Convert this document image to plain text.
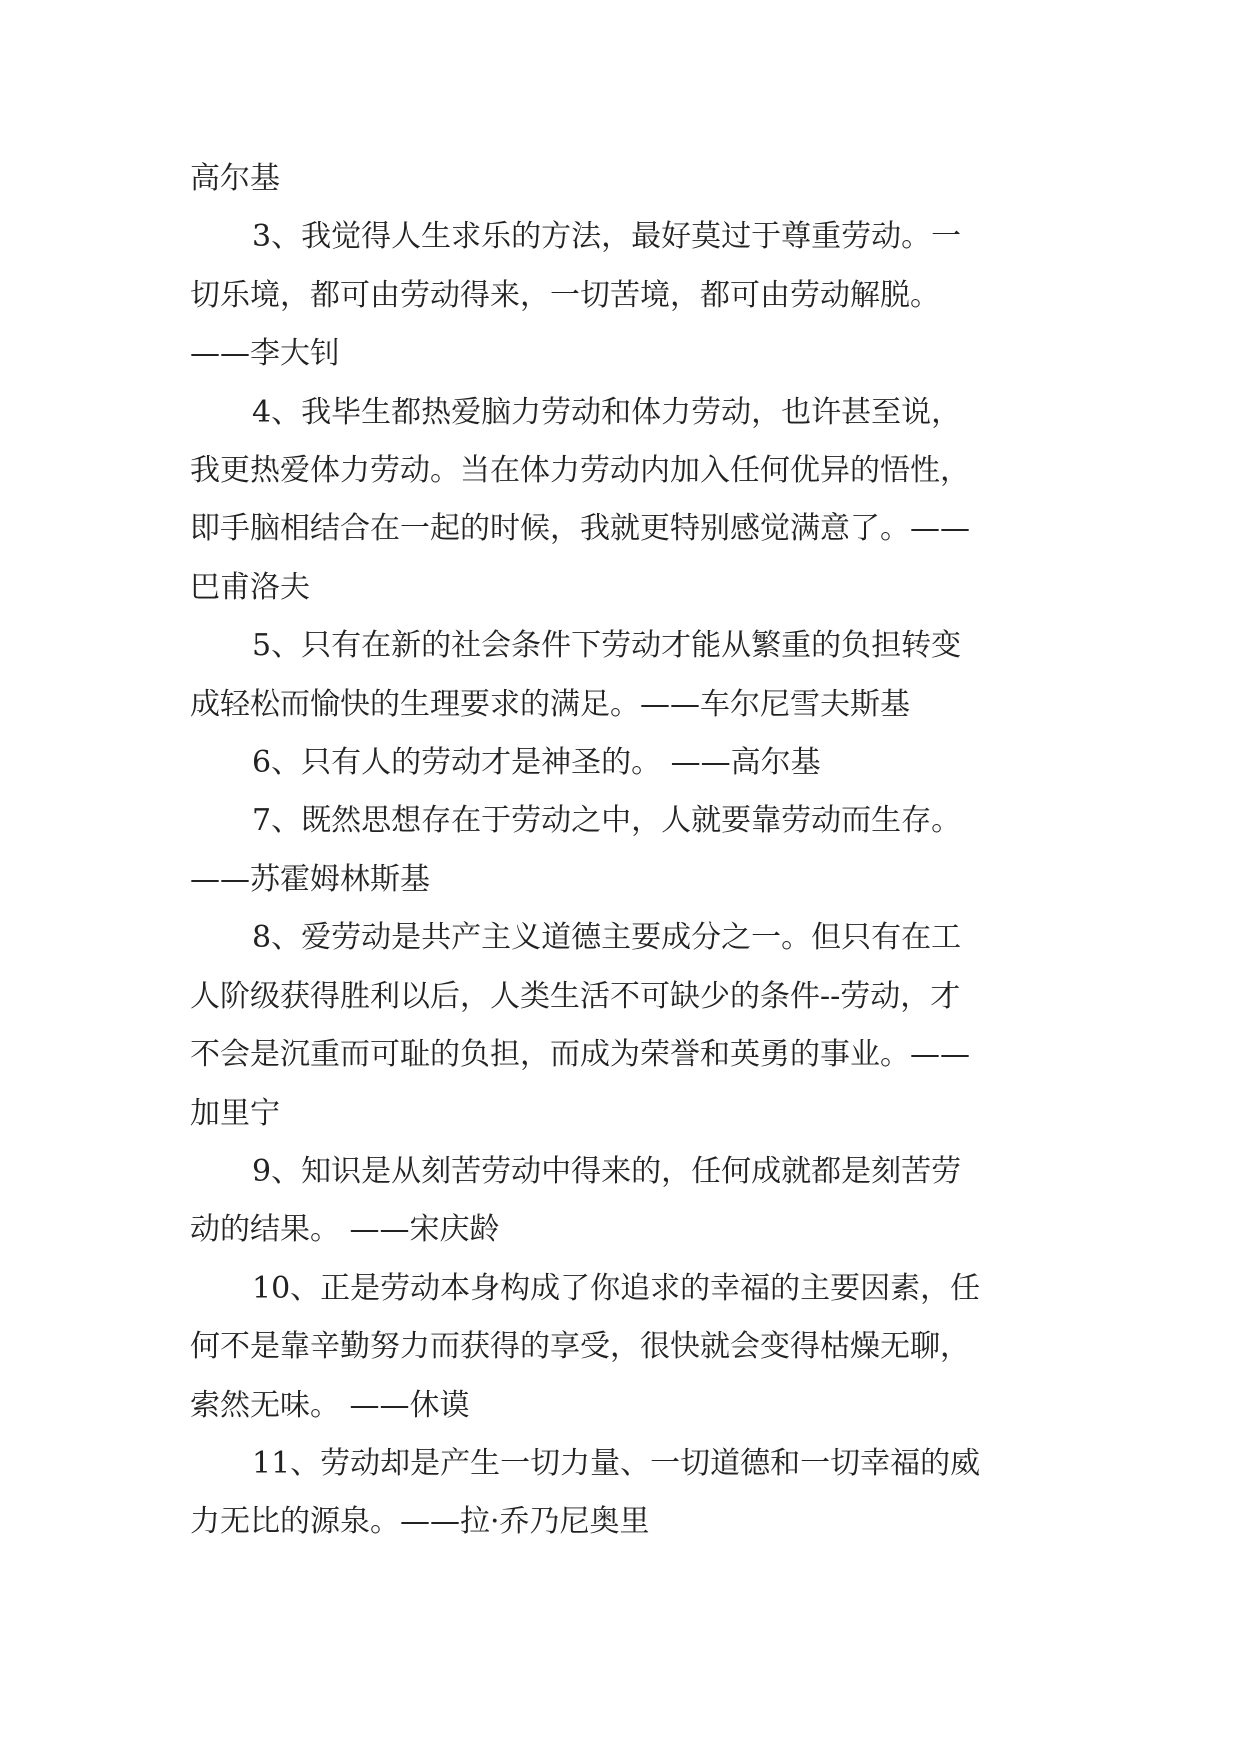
高尔基
3、我觉得人生求乐的方法，最好莫过于尊重劳动。一
切乐境，都可由劳动得来，一切苦境，都可由劳动解脱。
——李大钊
4、我毕生都热爱脑力劳动和体力劳动，也许甚至说，
我更热爱体力劳动。当在体力劳动内加入任何优异的悟性，
即手脑相结合在一起的时候，我就更特别感觉满意了。——
巴甫洛夫
5、只有在新的社会条件下劳动才能从繁重的负担转变
成轻松而愉快的生理要求的满足。——车尔尼雪夫斯基
6、只有人的劳动才是神圣的。 ——高尔基
7、既然思想存在于劳动之中，人就要靠劳动而生存。
——苏霍姆林斯基
8、爱劳动是共产主义道德主要成分之一。但只有在工
人阶级获得胜利以后，人类生活不可缺少的条件--劳动，才
不会是沉重而可耻的负担，而成为荣誉和英勇的事业。——
加里宁
9、知识是从刻苦劳动中得来的，任何成就都是刻苦劳
动的结果。 ——宋庆龄
10、正是劳动本身构成了你追求的幸福的主要因素，任
何不是靠辛勤努力而获得的享受，很快就会变得枯燥无聊，
索然无味。 ——休谟
11、劳动却是产生一切力量、一切道德和一切幸福的威
力无比的源泉。——拉·乔乃尼奥里
